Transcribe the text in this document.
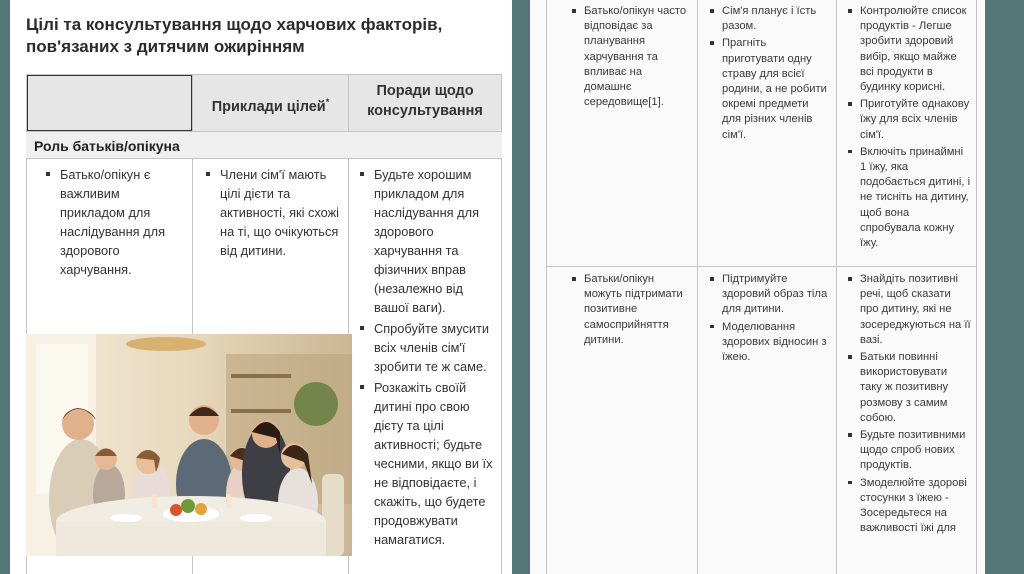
Цілі та консультування щодо харчових факторів, пов'язаних з дитячим ожирінням
Приклади цілей*
Поради щодо консультування
Роль батьків/опікуна
Батько/опікун є важливим прикладом для наслідування для здорового харчування.
Члени сім'ї мають цілі дієти та активності, які схожі на ті, що очікуються від дитини.
Будьте хорошим прикладом для наслідування для здорового харчування та фізичних вправ (незалежно від вашої ваги).
Спробуйте змусити всіх членів сім'ї зробити те ж саме.
Розкажіть своїй дитині про свою дієту та цілі активності; будьте чесними, якщо ви їх не відповідаєте, і скажіть, що будете продовжувати намагатися.
Батько/опікун часто відповідає за планування харчування та впливає на домашнє середовище[1].
Сім'я планує і їсть разом.
Прагніть приготувати одну страву для всієї родини, а не робити окремі предмети для різних членів сім'ї.
Контролюйте список продуктів - Легше зробити здоровий вибір, якщо майже всі продукти в будинку корисні.
Приготуйте однакову їжу для всіх членів сім'ї.
Включіть принаймні 1 їжу, яка подобається дитині, і не тисніть на дитину, щоб вона спробувала кожну їжу.
Батьки/опікун можуть підтримати позитивне самосприйняття дитини.
Підтримуйте здоровий образ тіла для дитини.
Моделювання здорових відносин з їжею.
Знайдіть позитивні речі, щоб сказати про дитину, які не зосереджуються на її вазі.
Батьки повинні використовувати таку ж позитивну розмову з самим собою.
Будьте позитивними щодо спроб нових продуктів.
Змоделюйте здорові стосунки з їжею - Зосередьтеся на важливості їжі для
